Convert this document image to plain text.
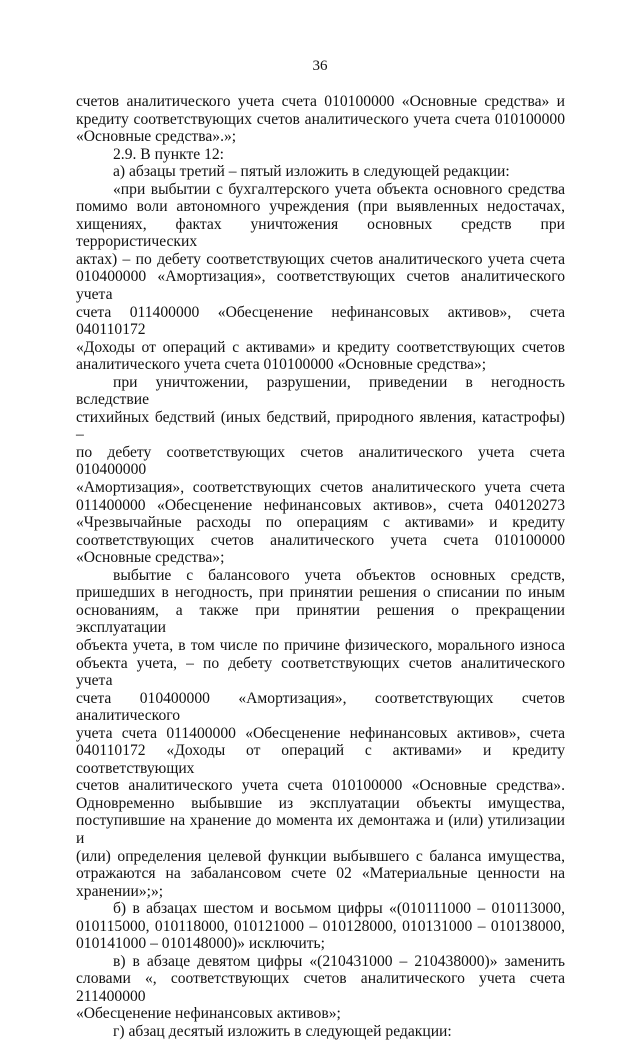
36

счетов аналитического учета счета 010100000 «Основные средства» и
кредиту соответствующих счетов аналитического учета счета 010100000
«Основные средства».»;

2.9. В пункте 12:

а) абзацы третий – пятый изложить в следующей редакции:

«при выбытии с бухгалтерского учета объекта основного средства
помимо воли автономного учреждения (при выявленных недостачах,
хищениях, фактах уничтожения основных средств при террористических
актах) – по дебету соответствующих счетов аналитического учета счета
010400000 «Амортизация», соответствующих счетов аналитического учета
счета 011400000 «Обесценение нефинансовых активов», счета 040110172
«Доходы от операций с активами» и кредиту соответствующих счетов
аналитического учета счета 010100000 «Основные средства»;

при уничтожении, разрушении, приведении в негодность вследствие
стихийных бедствий (иных бедствий, природного явления, катастрофы) –
по дебету соответствующих счетов аналитического учета счета 010400000
«Амортизация», соответствующих счетов аналитического учета счета
011400000 «Обесценение нефинансовых активов», счета 040120273
«Чрезвычайные расходы по операциям с активами» и кредиту
соответствующих счетов аналитического учета счета 010100000
«Основные средства»;

выбытие с балансового учета объектов основных средств,
пришедших в негодность, при принятии решения о списании по иным
основаниям, а также при принятии решения о прекращении эксплуатации
объекта учета, в том числе по причине физического, морального износа
объекта учета, – по дебету соответствующих счетов аналитического учета
счета 010400000 «Амортизация», соответствующих счетов аналитического
учета счета 011400000 «Обесценение нефинансовых активов», счета
040110172 «Доходы от операций с активами» и кредиту соответствующих
счетов аналитического учета счета 010100000 «Основные средства».
Одновременно выбывшие из эксплуатации объекты имущества,
поступившие на хранение до момента их демонтажа и (или) утилизации и
(или) определения целевой функции выбывшего с баланса имущества,
отражаются на забалансовом счете 02 «Материальные ценности на
хранении»;»;

б) в абзацах шестом и восьмом цифры «(010111000 – 010113000,
010115000, 010118000, 010121000 – 010128000, 010131000 – 010138000,
010141000 – 010148000)» исключить;

в) в абзаце девятом цифры «(210431000 – 210438000)» заменить
словами «, соответствующих счетов аналитического учета счета 211400000
«Обесценение нефинансовых активов»;

г) абзац десятый изложить в следующей редакции:
